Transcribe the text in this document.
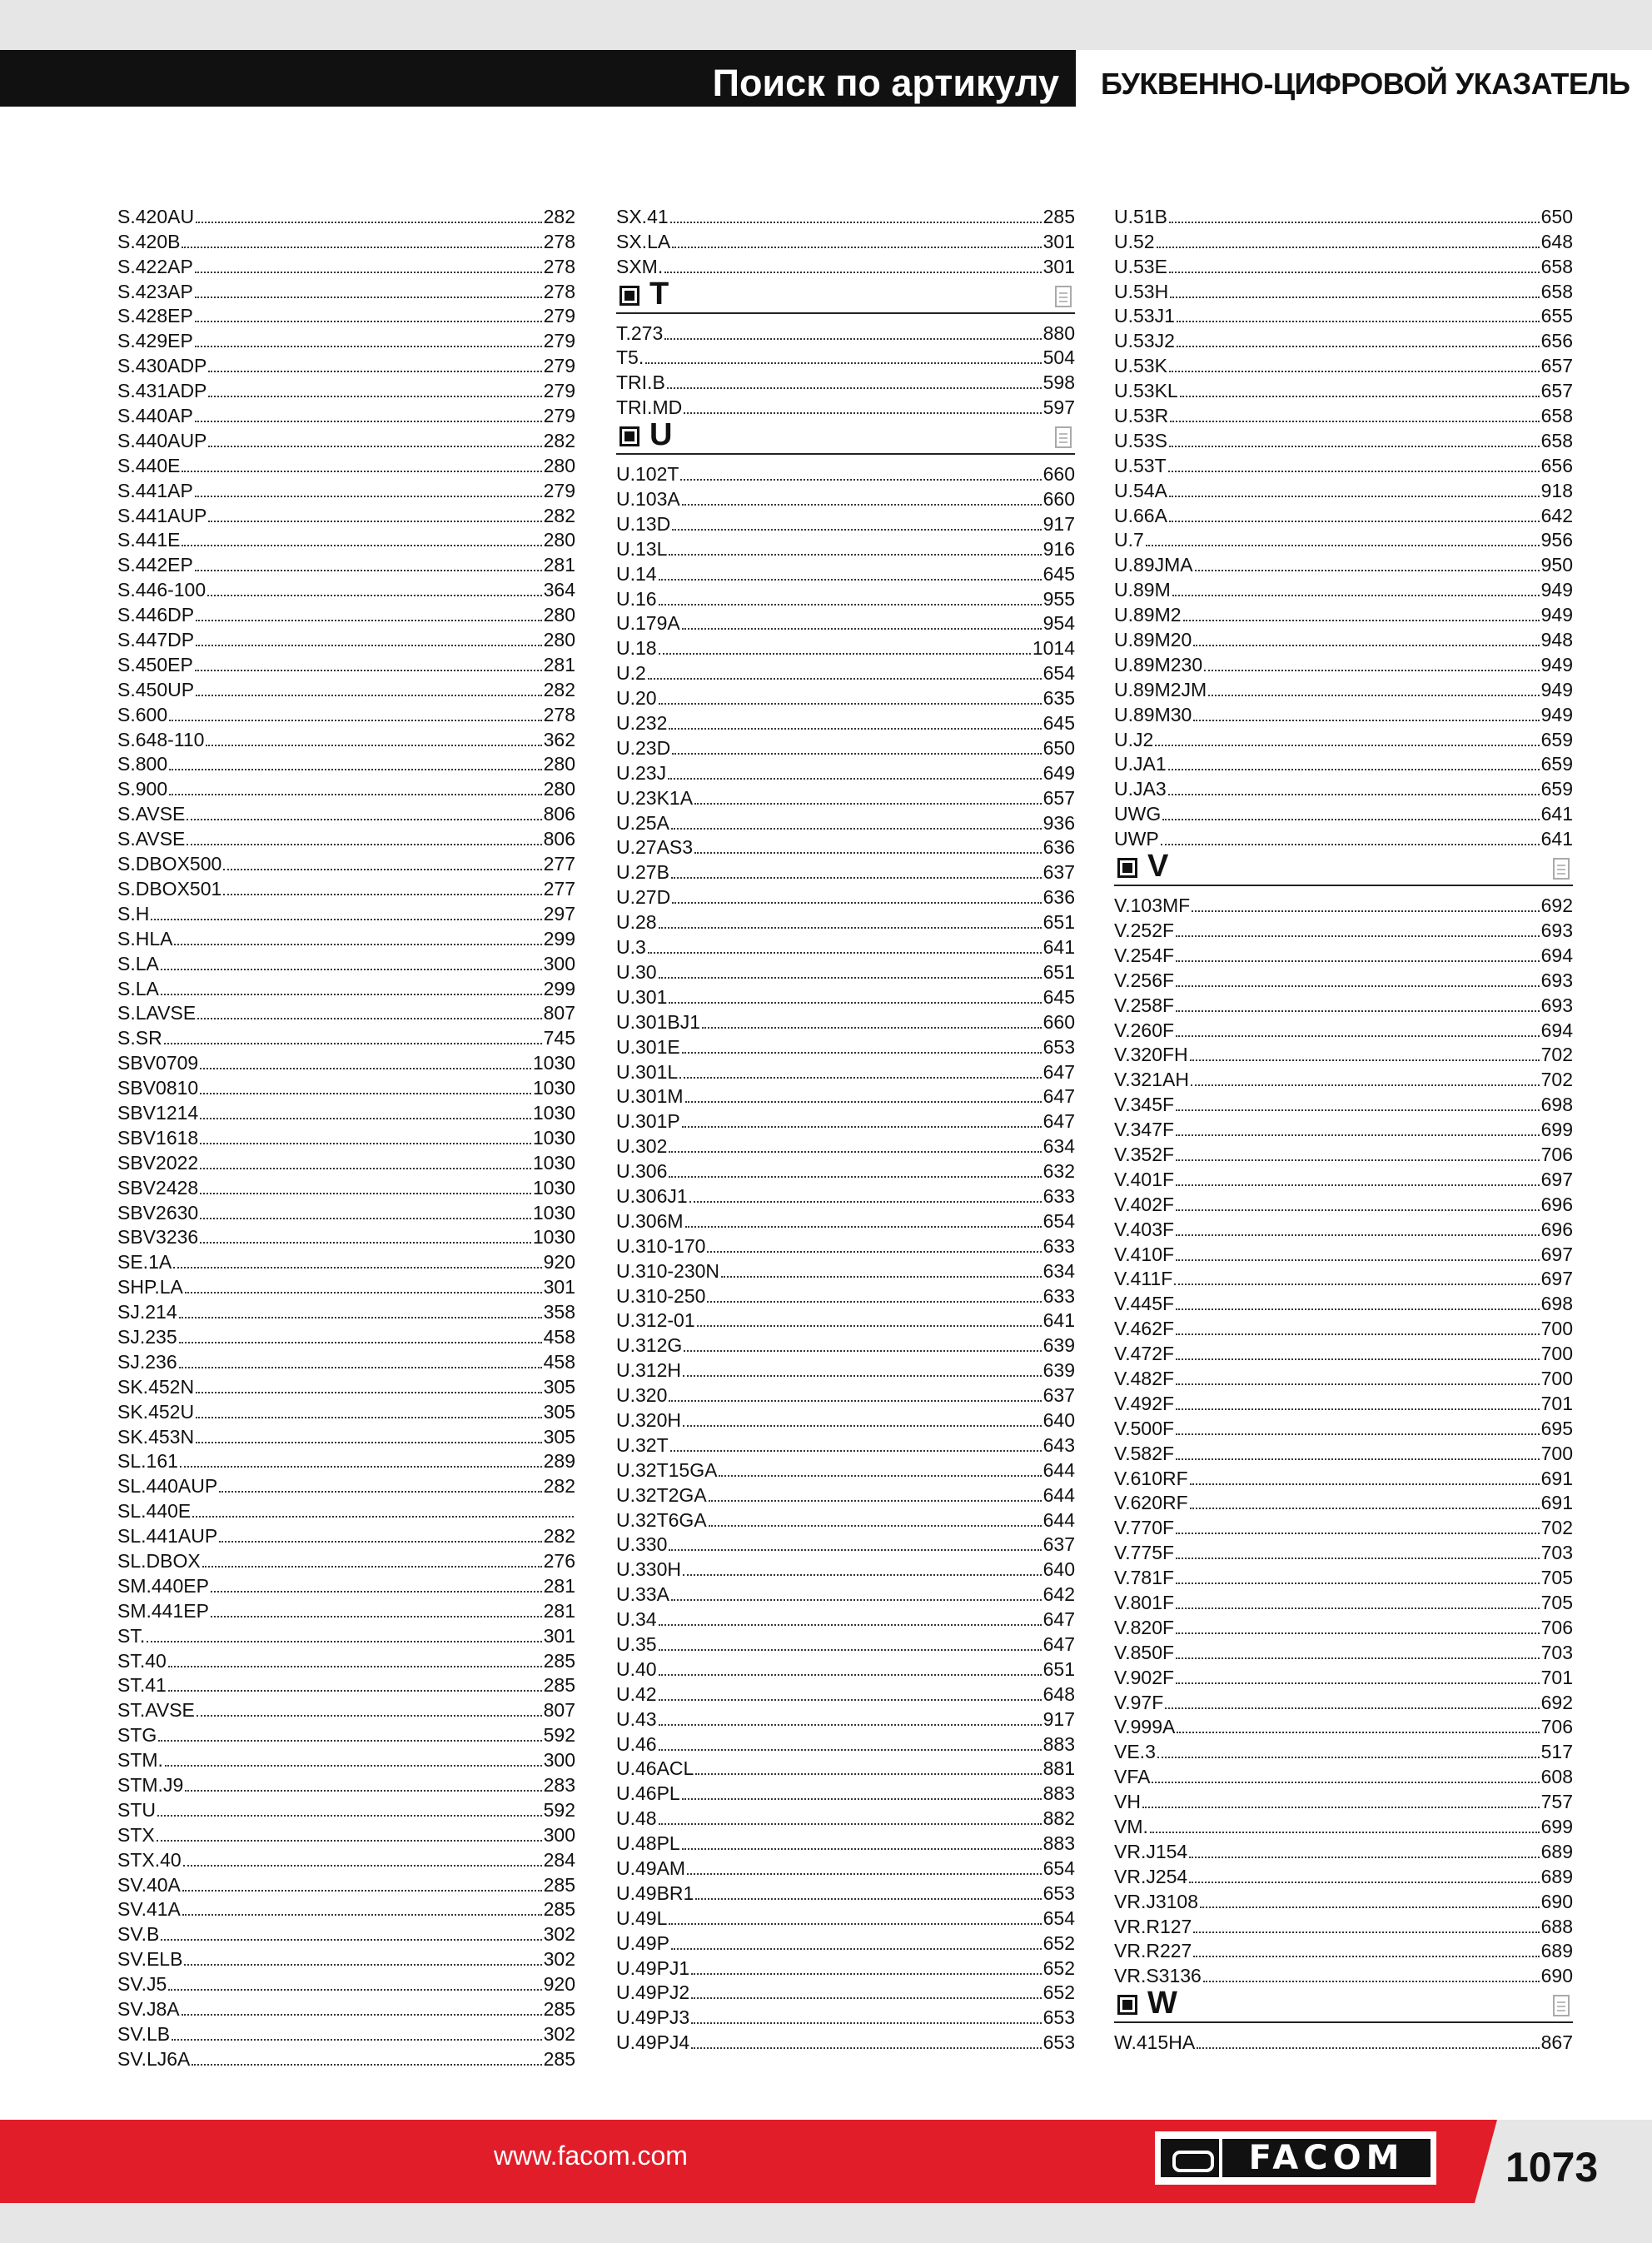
Поиск по артикулу БУКВЕННО-ЦИФРОВОЙ УКАЗАТЕЛЬ
S.420AU	282
S.420B	278
S.422AP	278
S.423AP	278
S.428EP	279
S.429EP	279
S.430ADP	279
S.431ADP	279
S.440AP	279
S.440AUP	282
S.440E	280
S.441AP	279
S.441AUP	282
S.441E	280
S.442EP	281
S.446-100	364
S.446DP	280
S.447DP	280
S.450EP	281
S.450UP	282
S.600	278
S.648-110	362
S.800	280
S.900	280
S.AVSE	806
S.AVSE	806
S.DBOX500	277
S.DBOX501	277
S.H	297
S.HLA	299
S.LA	300
S.LA	299
S.LAVSE	807
S.SR	745
SBV0709	1030
SBV0810	1030
SBV1214	1030
SBV1618	1030
SBV2022	1030
SBV2428	1030
SBV2630	1030
SBV3236	1030
SE.1A	920
SHP.LA	301
SJ.214	358
SJ.235	458
SJ.236	458
SK.452N	305
SK.452U	305
SK.453N	305
SL.161	289
SL.440AUP	282
SL.440E
SL.441AUP	282
SL.DBOX	276
SM.440EP	281
SM.441EP	281
ST.	301
ST.40	285
ST.41	285
ST.AVSE	807
STG	592
STM.	300
STM.J9	283
STU	592
STX	300
STX.40	284
SV.40A	285
SV.41A	285
SV.B	302
SV.ELB	302
SV.J5	920
SV.J8A	285
SV.LB	302
SV.LJ6A	285
SX.41	285
SX.LA	301
SXM.	301
T
T.273	880
T5.	504
TRI.B	598
TRI.MD	597
U
U.102T	660
U.103A	660
U.13D	917
U.13L	916
U.14	645
U.16	955
U.179A	954
U.18	1014
U.2	654
U.20	635
U.232	645
U.23D	650
U.23J	649
U.23K1A	657
U.25A	936
U.27AS3	636
U.27B	637
U.27D	636
U.28	651
U.3	641
U.30	651
U.301	645
U.301BJ1	660
U.301E	653
U.301L	647
U.301M	647
U.301P	647
U.302	634
U.306	632
U.306J1	633
U.306M	654
U.310-170	633
U.310-230N	634
U.310-250	633
U.312-01	641
U.312G	639
U.312H	639
U.320	637
U.320H	640
U.32T	643
U.32T15GA	644
U.32T2GA	644
U.32T6GA	644
U.330	637
U.330H	640
U.33A	642
U.34	647
U.35	647
U.40	651
U.42	648
U.43	917
U.46	883
U.46ACL	881
U.46PL	883
U.48	882
U.48PL	883
U.49AM	654
U.49BR1	653
U.49L	654
U.49P	652
U.49PJ1	652
U.49PJ2	652
U.49PJ3	653
U.49PJ4	653
U.51B	650
U.52	648
U.53E	658
U.53H	658
U.53J1	655
U.53J2	656
U.53K	657
U.53KL	657
U.53R	658
U.53S	658
U.53T	656
U.54A	918
U.66A	642
U.7	956
U.89JMA	950
U.89M	949
U.89M2	949
U.89M20	948
U.89M230	949
U.89M2JM	949
U.89M30	949
U.J2	659
U.JA1	659
U.JA3	659
UWG	641
UWP	641
V
V.103MF	692
V.252F	693
V.254F	694
V.256F	693
V.258F	693
V.260F	694
V.320FH	702
V.321AH	702
V.345F	698
V.347F	699
V.352F	706
V.401F	697
V.402F	696
V.403F	696
V.410F	697
V.411F	697
V.445F	698
V.462F	700
V.472F	700
V.482F	700
V.492F	701
V.500F	695
V.582F	700
V.610RF	691
V.620RF	691
V.770F	702
V.775F	703
V.781F	705
V.801F	705
V.820F	706
V.850F	703
V.902F	701
V.97F	692
V.999A	706
VE.3	517
VFA	608
VH	757
VM.	699
VR.J154	689
VR.J254	689
VR.J3108	690
VR.R127	688
VR.R227	689
VR.S3136	690
W
W.415HA	867
www.facom.com	FACOM	1073
